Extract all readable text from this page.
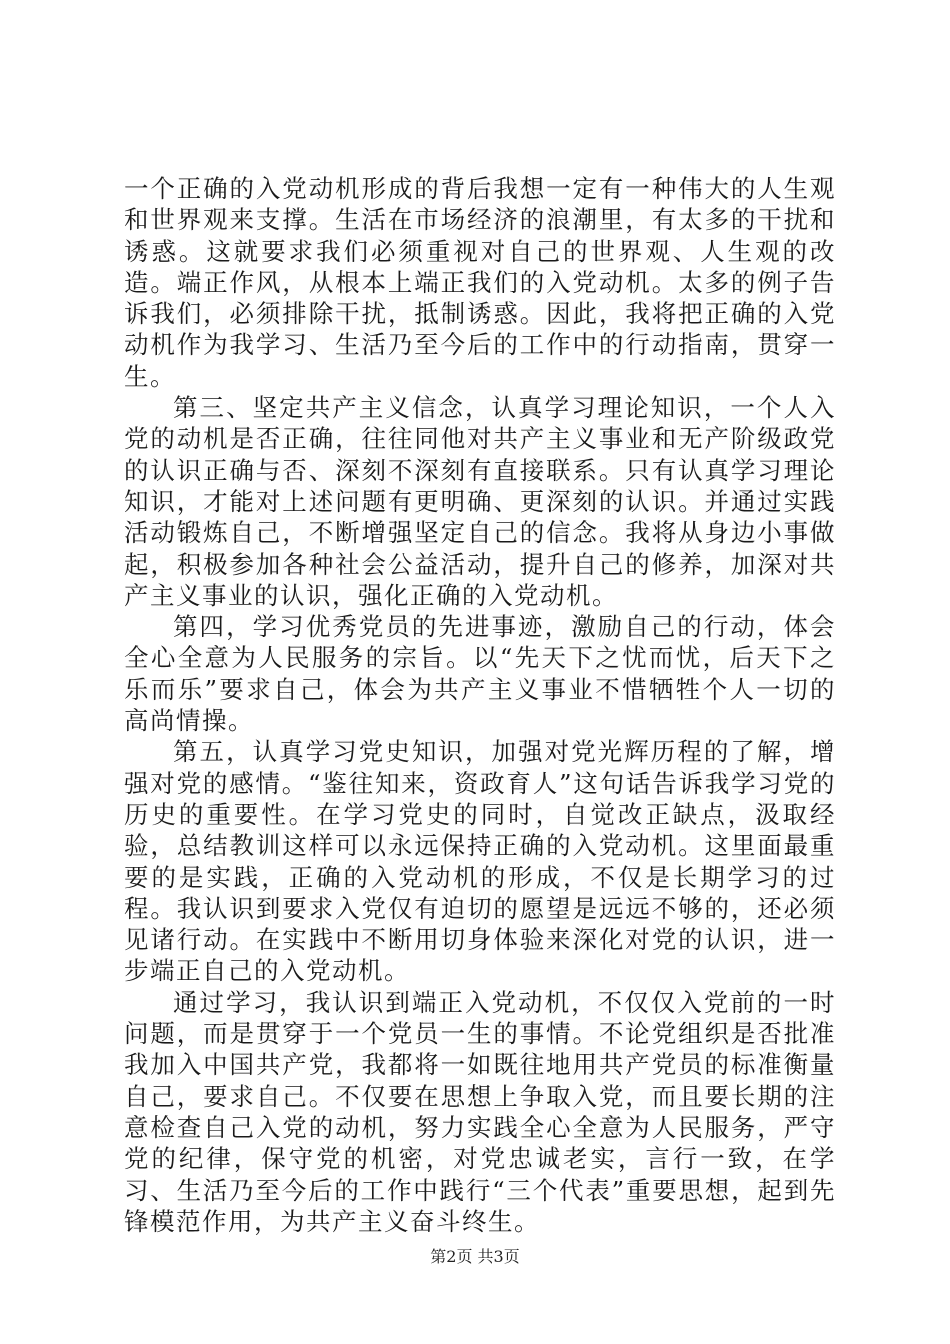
一个正确的入党动机形成的背后我想一定有一种伟大的人生观和世界观来支撑。生活在市场经济的浪潮里，有太多的干扰和诱惑。这就要求我们必须重视对自己的世界观、人生观的改造。端正作风，从根本上端正我们的入党动机。太多的例子告诉我们，必须排除干扰，抵制诱惑。因此，我将把正确的入党动机作为我学习、生活乃至今后的工作中的行动指南，贯穿一生。

第三、坚定共产主义信念，认真学习理论知识，一个人入党的动机是否正确，往往同他对共产主义事业和无产阶级政党的认识正确与否、深刻不深刻有直接联系。只有认真学习理论知识，才能对上述问题有更明确、更深刻的认识。并通过实践活动锻炼自己，不断增强坚定自己的信念。我将从身边小事做起，积极参加各种社会公益活动，提升自己的修养，加深对共产主义事业的认识，强化正确的入党动机。

第四，学习优秀党员的先进事迹，激励自己的行动，体会全心全意为人民服务的宗旨。以“先天下之忧而忧，后天下之乐而乐”要求自己，体会为共产主义事业不惜牺牲个人一切的高尚情操。

第五，认真学习党史知识，加强对党光辉历程的了解，增强对党的感情。“鉴往知来，资政育人”这句话告诉我学习党的历史的重要性。在学习党史的同时，自觉改正缺点，汲取经验，总结教训这样可以永远保持正确的入党动机。这里面最重要的是实践，正确的入党动机的形成，不仅是长期学习的过程。我认识到要求入党仅有迫切的愿望是远远不够的，还必须见诸行动。在实践中不断用切身体验来深化对党的认识，进一步端正自己的入党动机。

通过学习，我认识到端正入党动机，不仅仅入党前的一时问题，而是贯穿于一个党员一生的事情。不论党组织是否批准我加入中国共产党，我都将一如既往地用共产党员的标准衡量自己，要求自己。不仅要在思想上争取入党，而且要长期的注意检查自己入党的动机，努力实践全心全意为人民服务，严守党的纪律，保守党的机密，对党忠诚老实，言行一致，在学习、生活乃至今后的工作中践行“三个代表”重要思想，起到先锋模范作用，为共产主义奋斗终生。

第2页 共3页
